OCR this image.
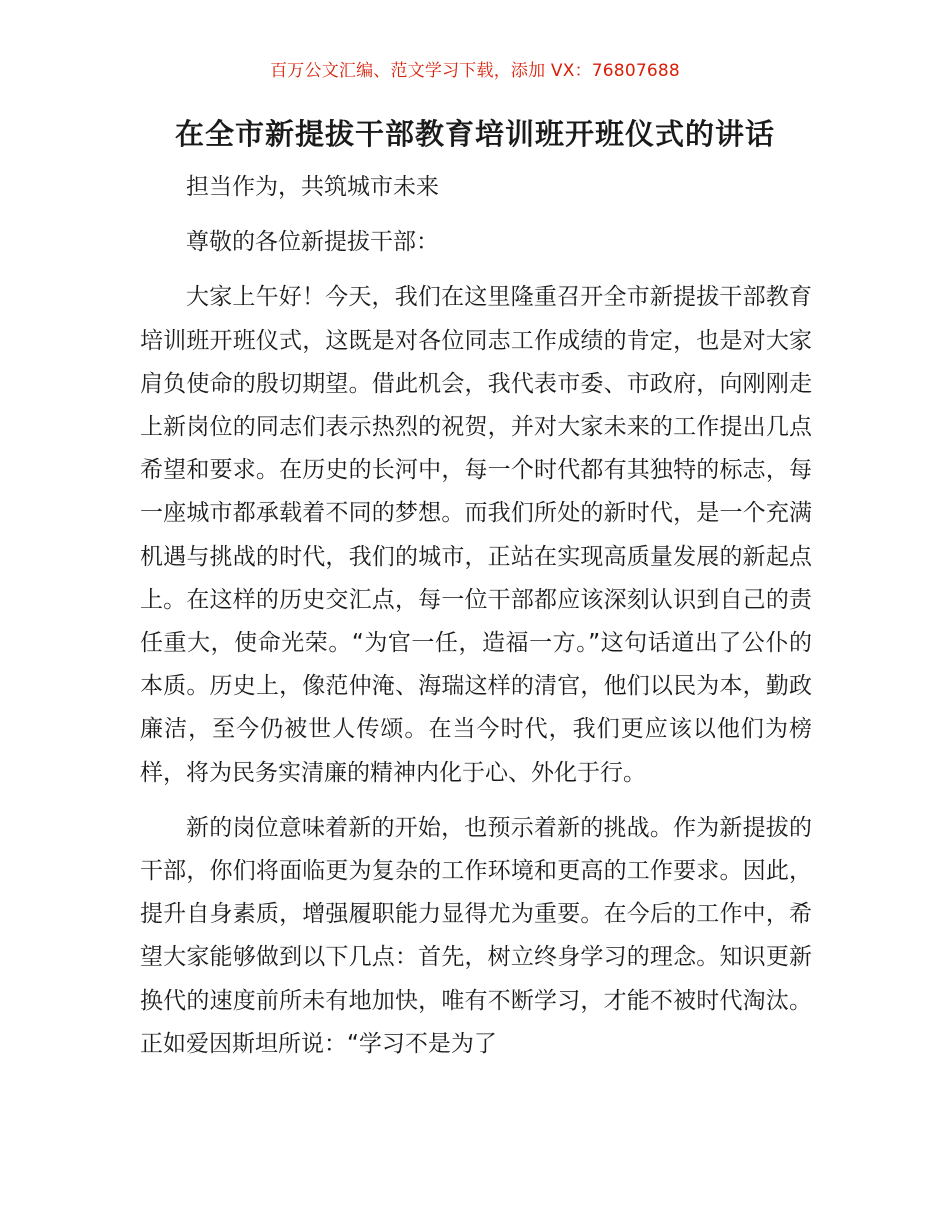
百万公文汇编、范文学习下载，添加 VX：76807688
在全市新提拔干部教育培训班开班仪式的讲话

担当作为，共筑城市未来

尊敬的各位新提拔干部：

大家上午好！今天，我们在这里隆重召开全市新提拔干部教育培训班开班仪式，这既是对各位同志工作成绩的肯定，也是对大家肩负使命的殷切期望。借此机会，我代表市委、市政府，向刚刚走上新岗位的同志们表示热烈的祝贺，并对大家未来的工作提出几点希望和要求。在历史的长河中，每一个时代都有其独特的标志，每一座城市都承载着不同的梦想。而我们所处的新时代，是一个充满机遇与挑战的时代，我们的城市，正站在实现高质量发展的新起点上。在这样的历史交汇点，每一位干部都应该深刻认识到自己的责任重大，使命光荣。“为官一任，造福一方。”这句话道出了公仆的本质。历史上，像范仲淹、海瑞这样的清官，他们以民为本，勤政廉洁，至今仍被世人传颂。在当今时代，我们更应该以他们为榜样，将为民务实清廉的精神内化于心、外化于行。

新的岗位意味着新的开始，也预示着新的挑战。作为新提拔的干部，你们将面临更为复杂的工作环境和更高的工作要求。因此，提升自身素质，增强履职能力显得尤为重要。在今后的工作中，希望大家能够做到以下几点：首先，树立终身学习的理念。知识更新换代的速度前所未有地加快，唯有不断学习，才能不被时代淘汰。正如爱因斯坦所说：“学习不是为了
